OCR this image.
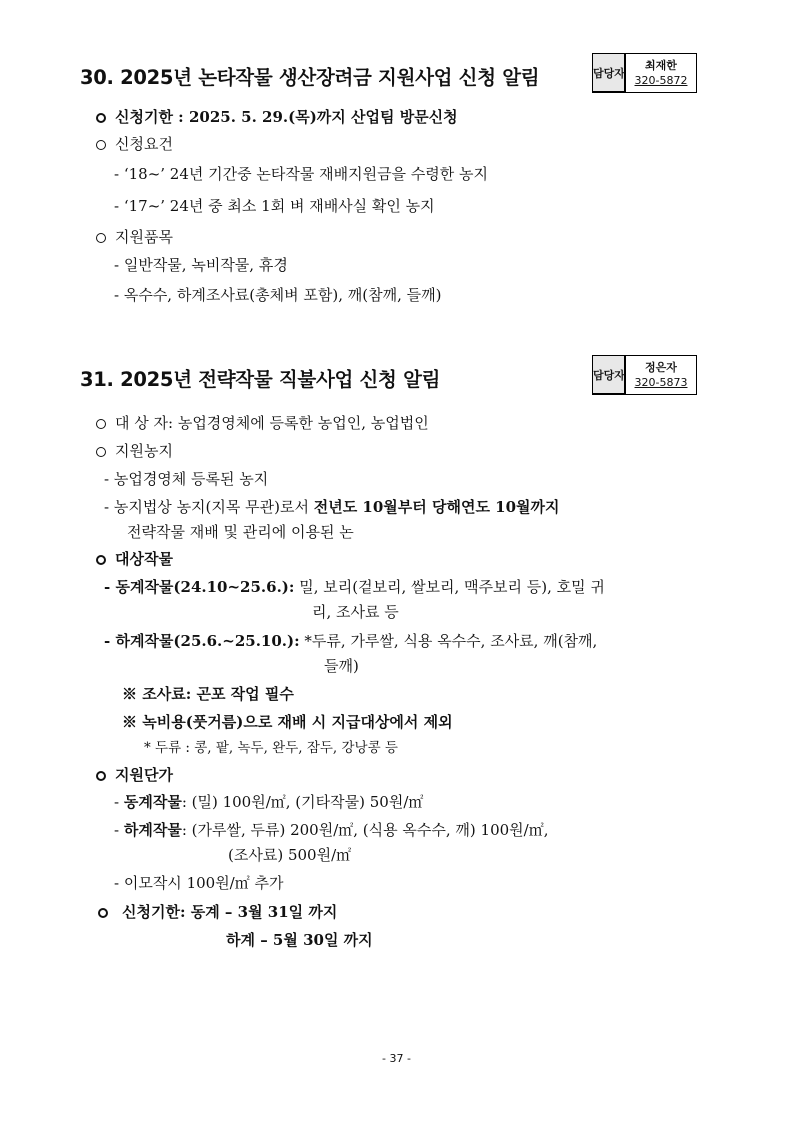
30. 2025년 논타작물 생산장려금 지원사업 신청 알림	담당자
최재한
320-5872
신청기한 : 2025. 5. 29.(목)까지 산업팀 방문신청
신청요건
- ‘18~’ 24년 기간중 논타작물 재배지원금을 수령한 농지
- ‘17~’ 24년 중 최소 1회 벼 재배사실 확인 농지
지원품목
- 일반작물, 녹비작물, 휴경
- 옥수수, 하계조사료(총체벼 포함), 깨(참깨, 들깨)
31. 2025년 전략작물 직불사업 신청 알림	담당자
정은자
320-5873
대 상 자: 농업경영체에 등록한 농업인, 농업법인
지원농지
- 농업경영체 등록된 농지
- 농지법상 농지(지목 무관)로서 전년도 10월부터 당해연도 10월까지
전략작물 재배 및 관리에 이용된 논
대상작물
- 동계작물(24.10~25.6.): 밀, 보리(겉보리, 쌀보리, 맥주보리 등), 호밀 귀
리, 조사료 등
- 하계작물(25.6.~25.10.): *두류, 가루쌀, 식용 옥수수, 조사료, 깨(참깨,
들깨)
※ 조사료: 곤포 작업 필수
※ 녹비용(풋거름)으로 재배 시 지급대상에서 제외
* 두류 : 콩, 팥, 녹두, 완두, 잠두, 강낭콩 등
지원단가
- 동계작물: (밀) 100원/㎡, (기타작물) 50원/㎡
- 하계작물: (가루쌀, 두류) 200원/㎡, (식용 옥수수, 깨) 100원/㎡,
(조사료) 500원/㎡
- 이모작시 100원/㎡ 추가
신청기한: 동계 – 3월 31일 까지
하계 – 5월 30일 까지
- 37 -
